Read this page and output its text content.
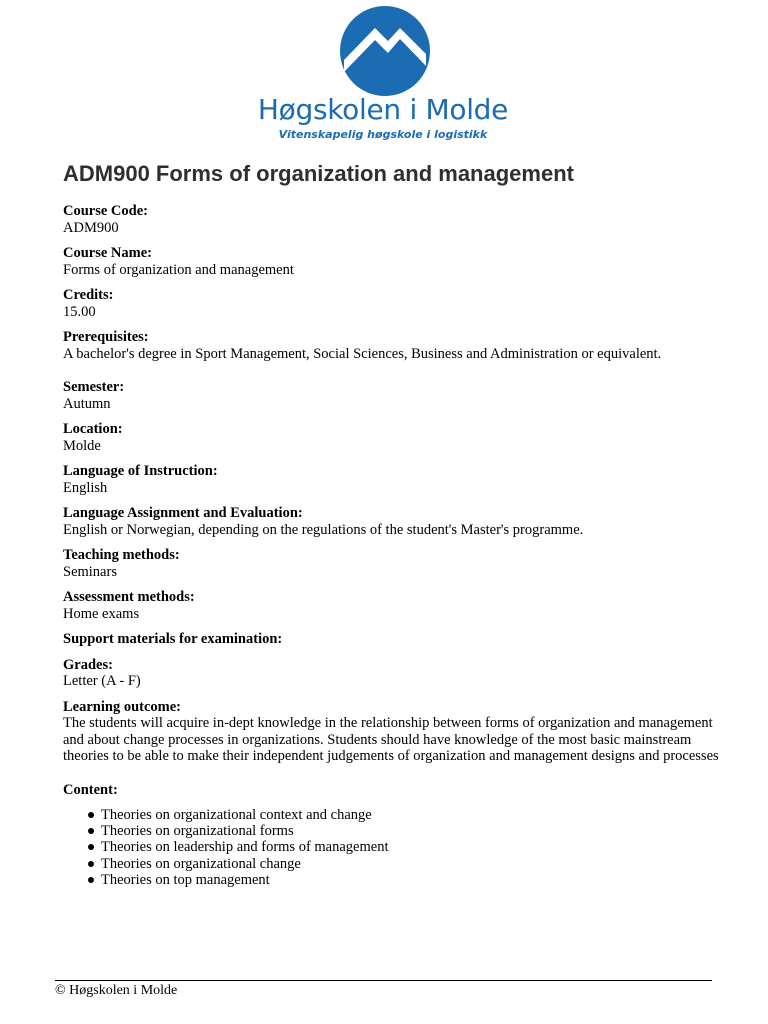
Høgskolen i Molde
Vitenskapelig høgskole i logistikk
ADM900 Forms of organization and management
Course Code:
ADM900
Course Name:
Forms of organization and management
Credits:
15.00
Prerequisites:
A bachelor's degree in Sport Management, Social Sciences, Business and Administration or equivalent.
Semester:
Autumn
Location:
Molde
Language of Instruction:
English
Language Assignment and Evaluation:
English or Norwegian, depending on the regulations of the student's Master's programme.
Teaching methods:
Seminars
Assessment methods:
Home exams
Support materials for examination:
Grades:
Letter (A - F)
Learning outcome:
The students will acquire in-dept knowledge in the relationship between forms of organization and management and about change processes in organizations. Students should have knowledge of the most basic mainstream theories to be able to make their independent judgements of organization and management designs and processes
Content:
Theories on organizational context and change
Theories on organizational forms
Theories on leadership and forms of management
Theories on organizational change
Theories on top management
© Høgskolen i Molde
